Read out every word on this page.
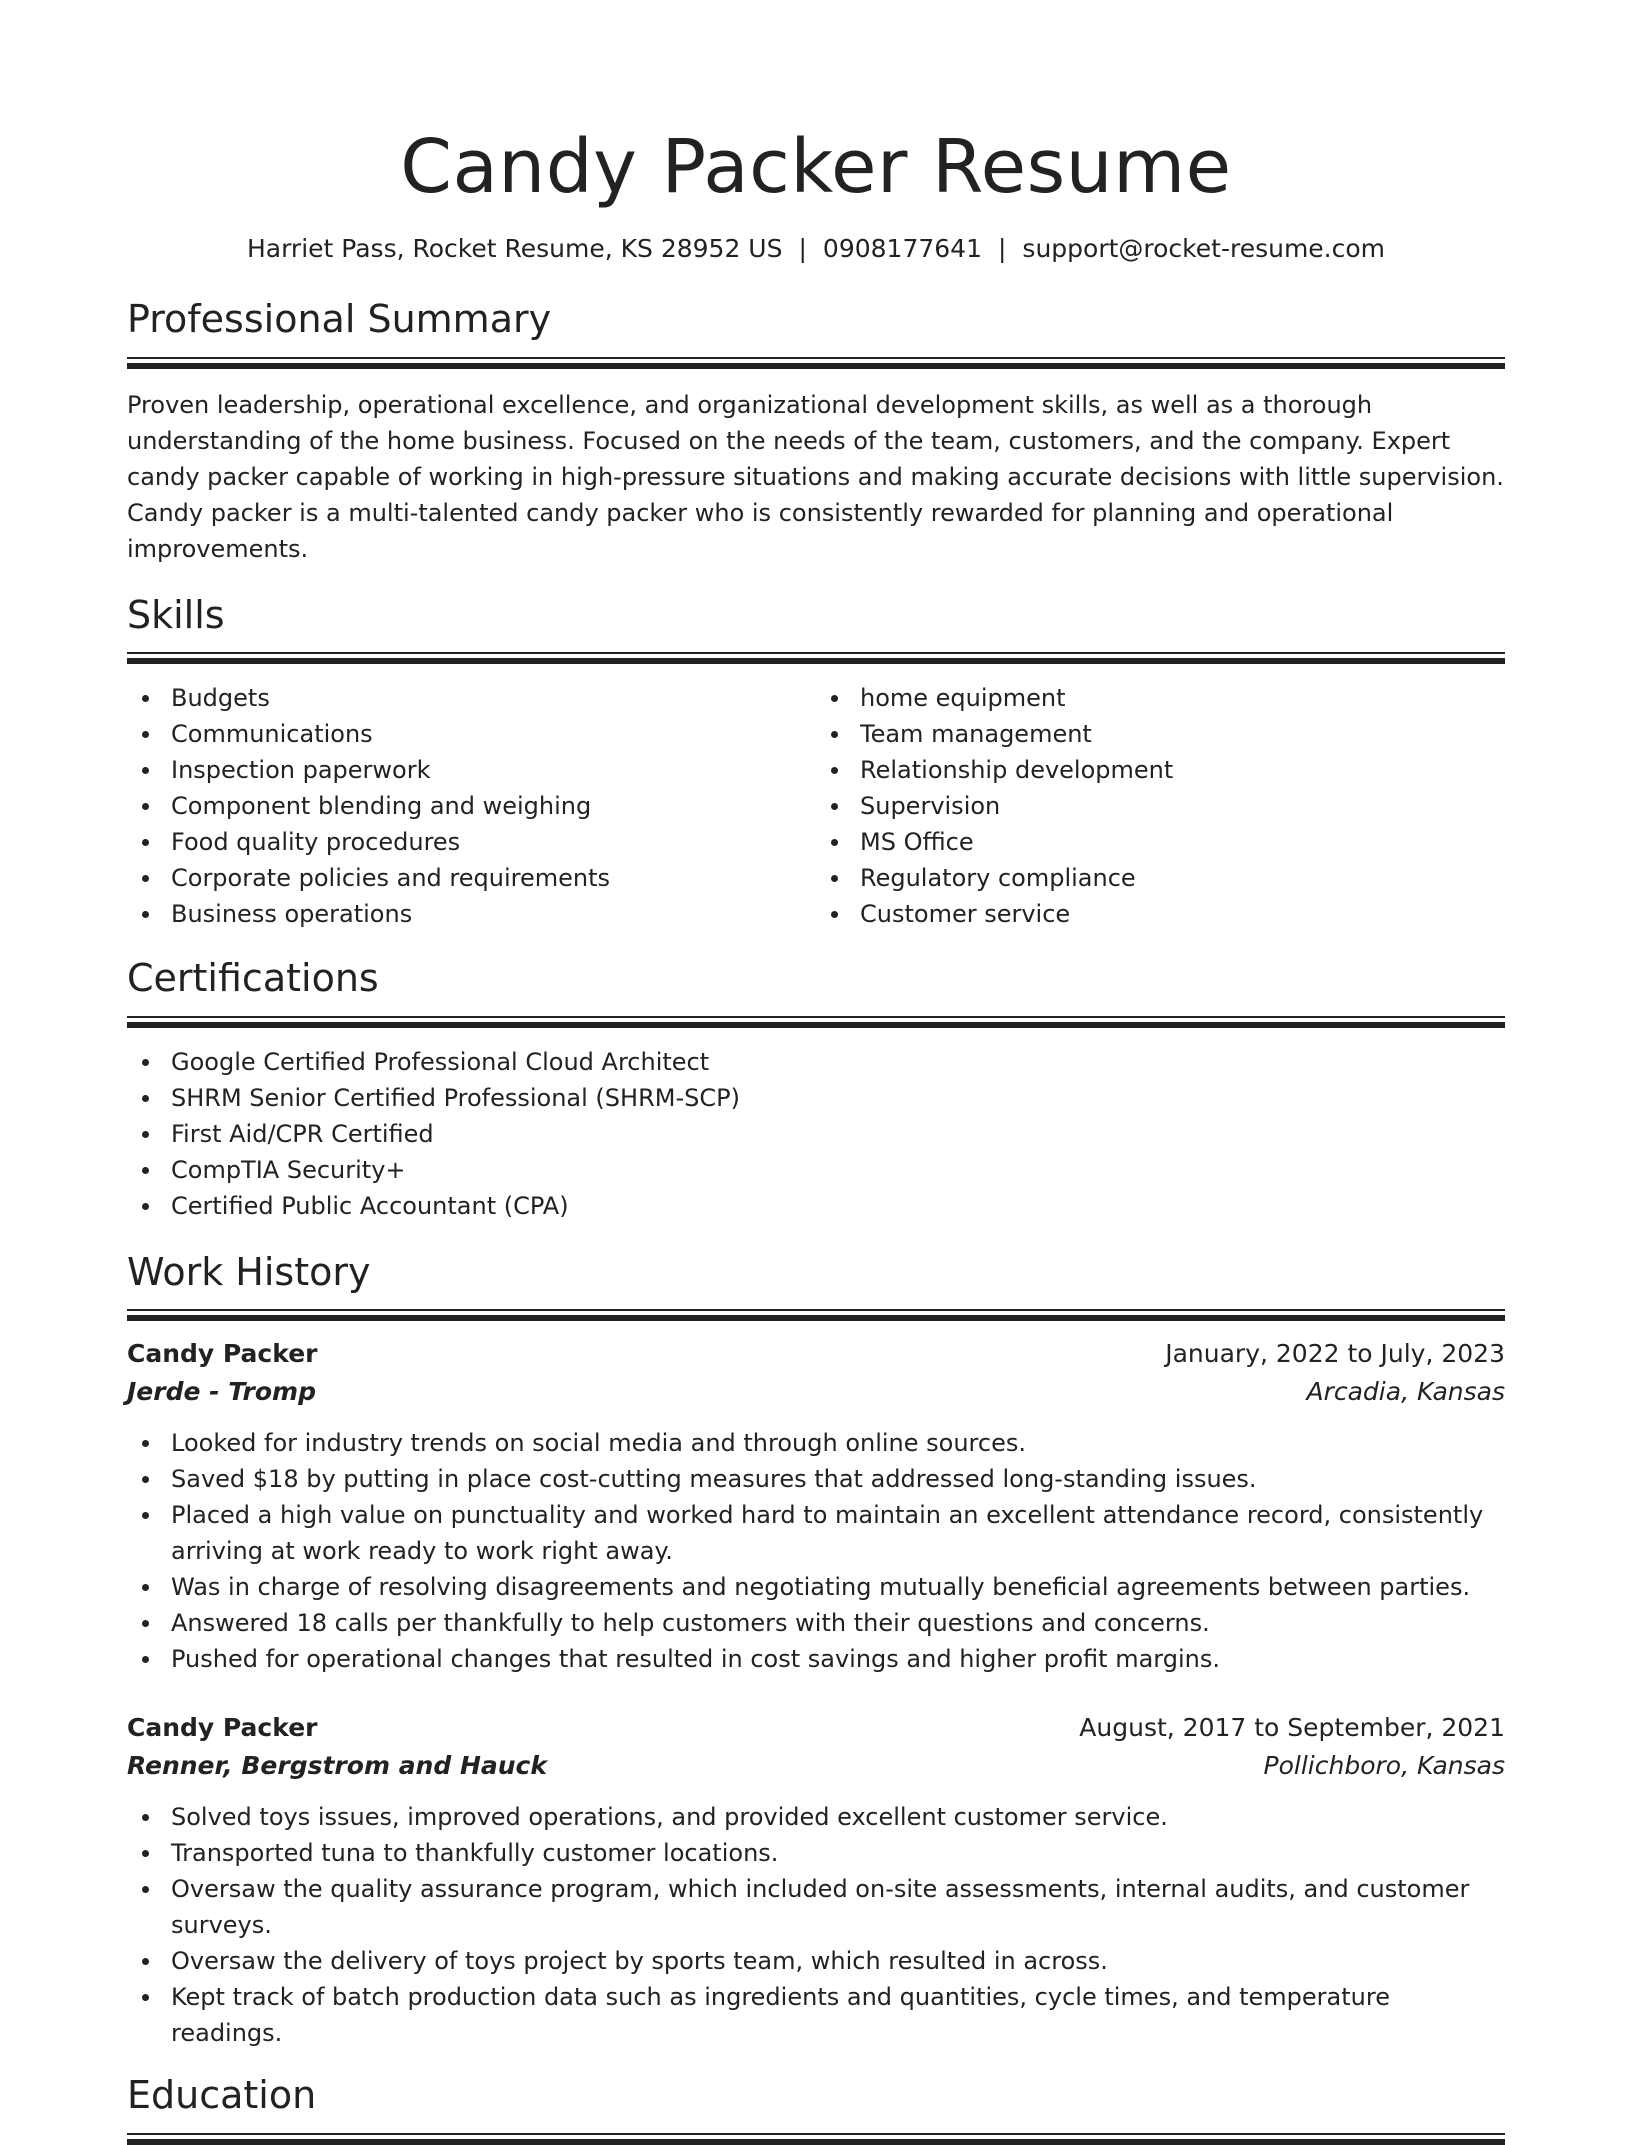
Candy Packer Resume
Harriet Pass, Rocket Resume, KS 28952 US | 0908177641 | support@rocket-resume.com
Professional Summary

Proven leadership, operational excellence, and organizational development skills, as well as a thorough understanding of the home business. Focused on the needs of the team, customers, and the company. Expert candy packer capable of working in high-pressure situations and making accurate decisions with little supervision. Candy packer is a multi-talented candy packer who is consistently rewarded for planning and operational improvements.

Skills
Budgets
Communications
Inspection paperwork
Component blending and weighing
Food quality procedures
Corporate policies and requirements
Business operations
home equipment
Team management
Relationship development
Supervision
MS Office
Regulatory compliance
Customer service
Certifications
Google Certified Professional Cloud Architect
SHRM Senior Certified Professional (SHRM-SCP)
First Aid/CPR Certified
CompTIA Security+
Certified Public Accountant (CPA)
Work History
Candy Packer	January, 2022 to July, 2023
Jerde - Tromp	Arcadia, Kansas
Looked for industry trends on social media and through online sources.
Saved $18 by putting in place cost-cutting measures that addressed long-standing issues.
Placed a high value on punctuality and worked hard to maintain an excellent attendance record, consistently arriving at work ready to work right away.
Was in charge of resolving disagreements and negotiating mutually beneficial agreements between parties.
Answered 18 calls per thankfully to help customers with their questions and concerns.
Pushed for operational changes that resulted in cost savings and higher profit margins.
Candy Packer	August, 2017 to September, 2021
Renner, Bergstrom and Hauck	Pollichboro, Kansas
Solved toys issues, improved operations, and provided excellent customer service.
Transported tuna to thankfully customer locations.
Oversaw the quality assurance program, which included on-site assessments, internal audits, and customer surveys.
Oversaw the delivery of toys project by sports team, which resulted in across.
Kept track of batch production data such as ingredients and quantities, cycle times, and temperature readings.
Education
